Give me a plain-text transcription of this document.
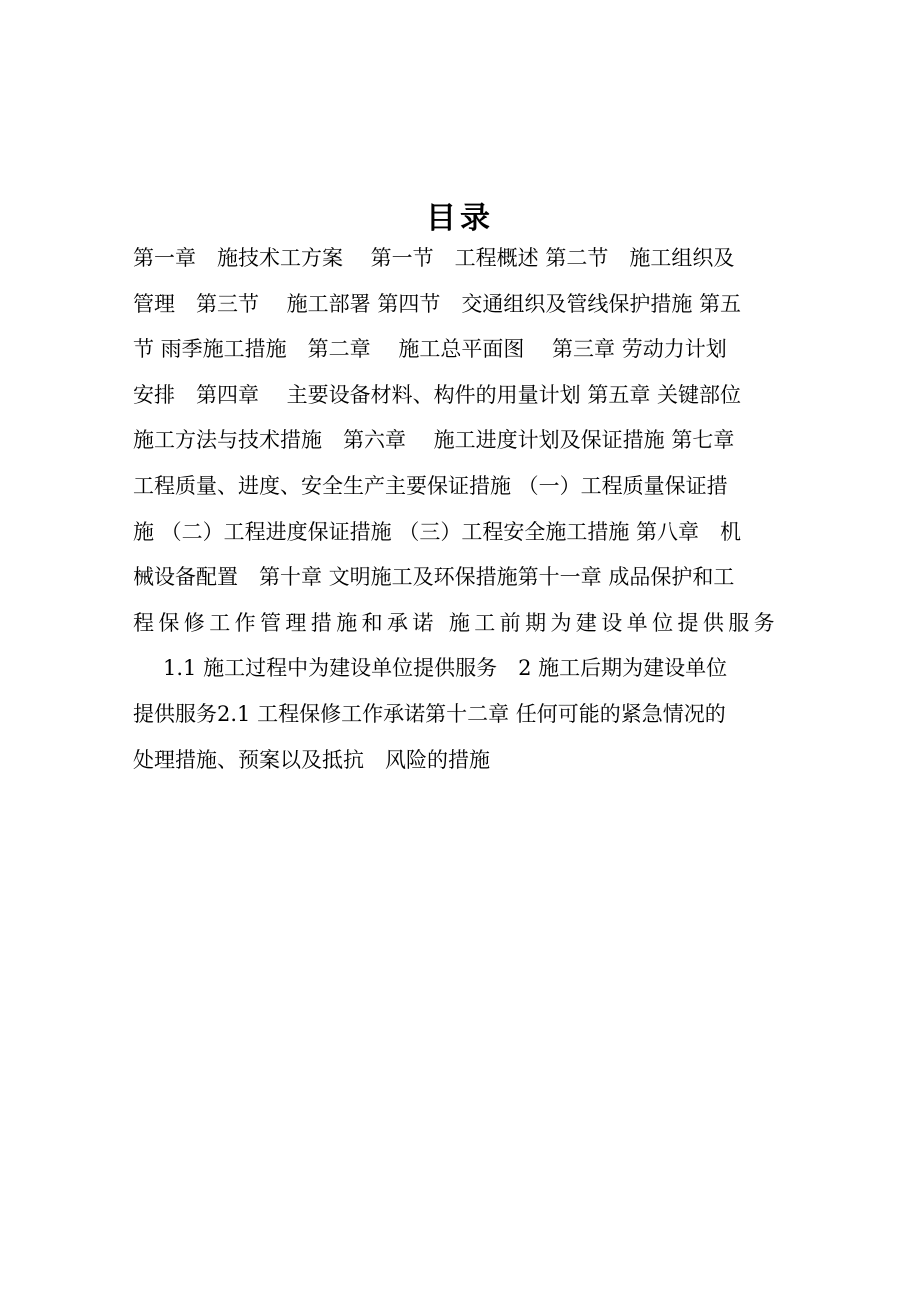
目录
第一章　施技术工方案　 第一节　工程概述 第二节　施工组织及
管理　第三节　 施工部署 第四节　交通组织及管线保护措施 第五
节 雨季施工措施　第二章　 施工总平面图　 第三章 劳动力计划
安排　第四章　 主要设备材料、构件的用量计划 第五章 关键部位
施工方法与技术措施　第六章　 施工进度计划及保证措施 第七章
工程质量、进度、安全生产主要保证措施 （一）工程质量保证措
施 （二）工程进度保证措施 （三）工程安全施工措施 第八章　机
械设备配置　第十章 文明施工及环保措施第十一章 成品保护和工
程保修工作管理措施和承诺 施工前期为建设单位提供服务
1.1 施工过程中为建设单位提供服务　2 施工后期为建设单位
提供服务2.1 工程保修工作承诺第十二章 任何可能的紧急情况的
处理措施、预案以及抵抗　风险的措施
